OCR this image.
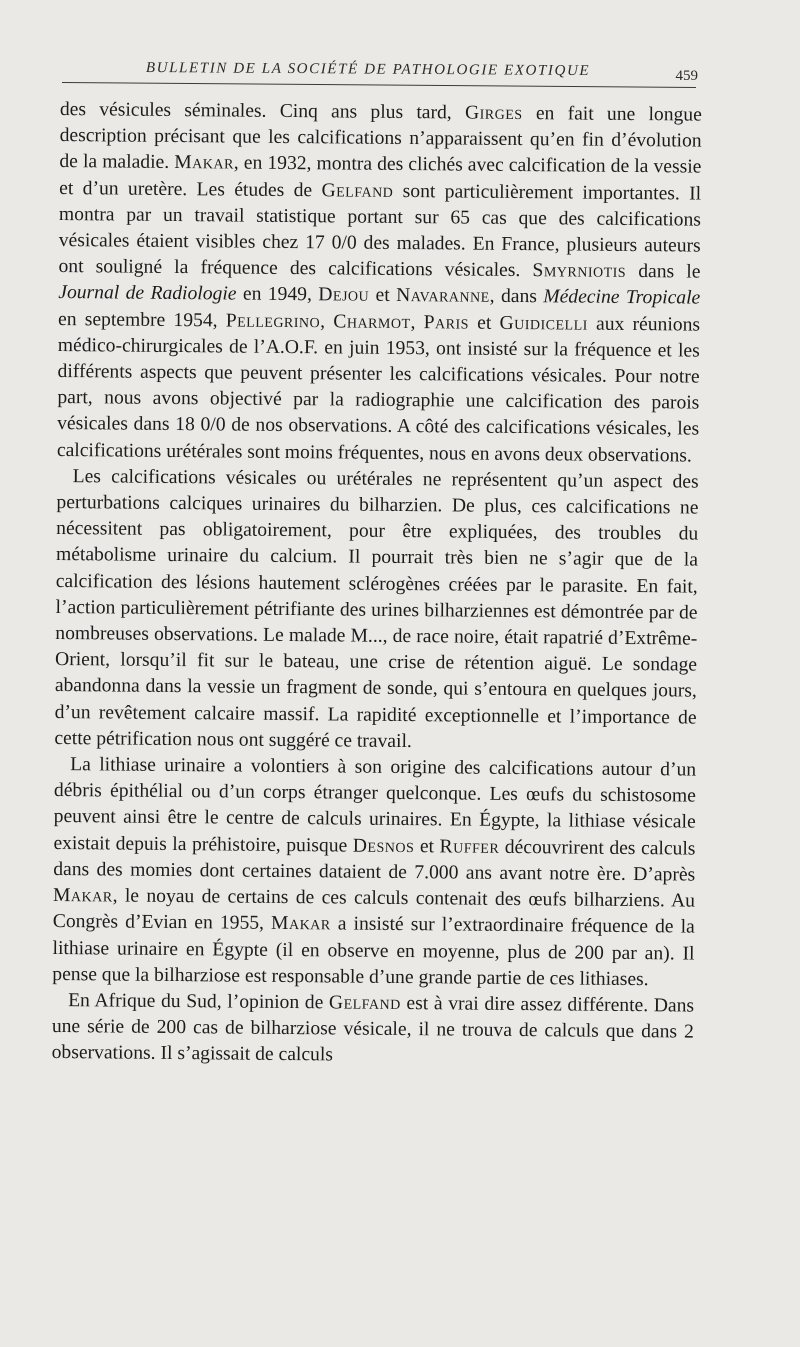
BULLETIN DE LA SOCIÉTÉ DE PATHOLOGIE EXOTIQUE	459

des vésicules séminales. Cinq ans plus tard, Girges en fait une longue description précisant que les calcifications n’apparaissent qu’en fin d’évolution de la maladie. Makar, en 1932, montra des clichés avec calcification de la vessie et d’un uretère. Les études de Gelfand sont particulièrement importantes. Il montra par un travail statistique portant sur 65 cas que des calcifications vésicales étaient visibles chez 17 0/0 des malades. En France, plusieurs auteurs ont souligné la fréquence des calcifications vésicales. Smyrniotis dans le Journal de Radiologie en 1949, Dejou et Navaranne, dans Médecine Tropicale en septembre 1954, Pellegrino, Charmot, Paris et Guidicelli aux réunions médico-chirurgicales de l’A.O.F. en juin 1953, ont insisté sur la fréquence et les différents aspects que peuvent présenter les calcifications vésicales. Pour notre part, nous avons objectivé par la radiographie une calcification des parois vésicales dans 18 0/0 de nos observations. A côté des calcifications vésicales, les calcifications urétérales sont moins fréquentes, nous en avons deux observations.

Les calcifications vésicales ou urétérales ne représentent qu’un aspect des perturbations calciques urinaires du bilharzien. De plus, ces calcifications ne nécessitent pas obligatoirement, pour être expliquées, des troubles du métabolisme urinaire du calcium. Il pourrait très bien ne s’agir que de la calcification des lésions hautement sclérogènes créées par le parasite. En fait, l’action particulièrement pétrifiante des urines bilharziennes est démontrée par de nombreuses observations. Le malade M..., de race noire, était rapatrié d’Extrême-Orient, lorsqu’il fit sur le bateau, une crise de rétention aiguë. Le sondage abandonna dans la vessie un fragment de sonde, qui s’entoura en quelques jours, d’un revêtement calcaire massif. La rapidité exceptionnelle et l’importance de cette pétrification nous ont suggéré ce travail.

La lithiase urinaire a volontiers à son origine des calcifications autour d’un débris épithélial ou d’un corps étranger quelconque. Les œufs du schistosome peuvent ainsi être le centre de calculs urinaires. En Égypte, la lithiase vésicale existait depuis la préhistoire, puisque Desnos et Ruffer découvrirent des calculs dans des momies dont certaines dataient de 7.000 ans avant notre ère. D’après Makar, le noyau de certains de ces calculs contenait des œufs bilharziens. Au Congrès d’Evian en 1955, Makar a insisté sur l’extraordinaire fréquence de la lithiase urinaire en Égypte (il en observe en moyenne, plus de 200 par an). Il pense que la bilharziose est responsable d’une grande partie de ces lithiases.

En Afrique du Sud, l’opinion de Gelfand est à vrai dire assez différente. Dans une série de 200 cas de bilharziose vésicale, il ne trouva de calculs que dans 2 observations. Il s’agissait de calculs
